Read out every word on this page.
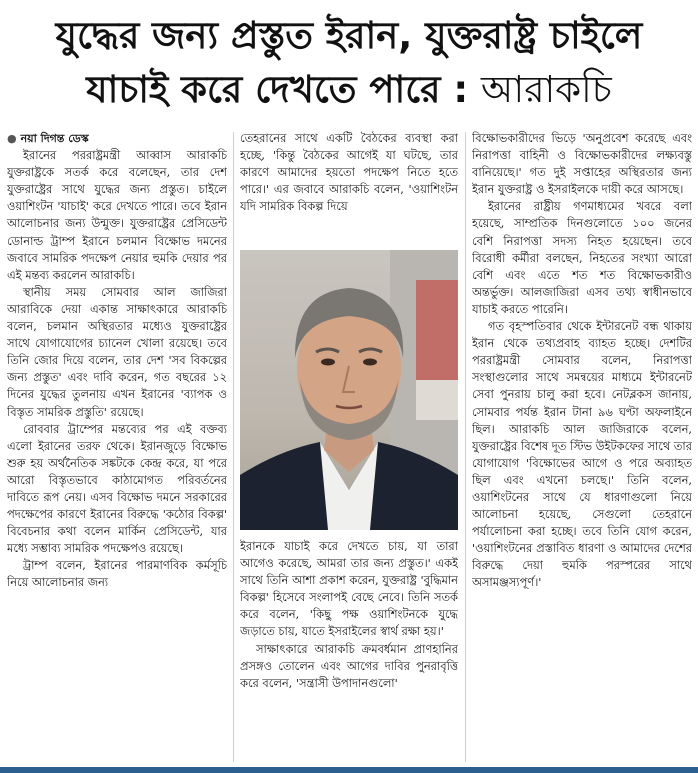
যুদ্ধের জন্য প্রস্তুত ইরান, যুক্তরাষ্ট্র চাইলে
যাচাই করে দেখতে পারে : আরাকচি

● নয়া দিগন্ত ডেস্ক

ইরানের পররাষ্ট্রমন্ত্রী আব্বাস আরাকচি যুক্তরাষ্ট্রকে সতর্ক করে বলেছেন, তার দেশ যুক্তরাষ্ট্রের সাথে যুদ্ধের জন্য প্রস্তুত। চাইলে ওয়াশিংটন 'যাচাই' করে দেখতে পারে। তবে ইরান আলোচনার জন্য উন্মুক্ত। যুক্তরাষ্ট্রের প্রেসিডেন্ট ডোনাল্ড ট্রাম্প ইরানে চলমান বিক্ষোভ দমনের জবাবে সামরিক পদক্ষেপ নেয়ার হুমকি দেয়ার পর এই মন্তব্য করলেন আরাকচি।

স্থানীয় সময় সোমবার আল জাজিরা আরাবিকে দেয়া একান্ত সাক্ষাৎকারে আরাকচি বলেন, চলমান অস্থিরতার মধ্যেও যুক্তরাষ্ট্রের সাথে যোগাযোগের চ্যানেল খোলা রয়েছে। তবে তিনি জোর দিয়ে বলেন, তার দেশ 'সব বিকল্পের জন্য প্রস্তুত' এবং দাবি করেন, গত বছরের ১২ দিনের যুদ্ধের তুলনায় এখন ইরানের 'ব্যাপক ও বিস্তৃত সামরিক প্রস্তুতি' রয়েছে।

রোববার ট্রাম্পের মন্তব্যের পর এই বক্তব্য এলো ইরানের তরফ থেকে। ইরানজুড়ে বিক্ষোভ শুরু হয় অর্থনৈতিক সঙ্কটকে কেন্দ্র করে, যা পরে আরো বিস্তৃতভাবে কাঠামোগত পরিবর্তনের দাবিতে রূপ নেয়। এসব বিক্ষোভ দমনে সরকারের পদক্ষেপের কারণে ইরানের বিরুদ্ধে 'কঠোর বিকল্প' বিবেচনার কথা বলেন মার্কিন প্রেসিডেন্ট, যার মধ্যে সম্ভাব্য সামরিক পদক্ষেপও রয়েছে।

ট্রাম্প বলেন, ইরানের পারমাণবিক কর্মসূচি নিয়ে আলোচনার জন্য

তেহরানের সাথে একটি বৈঠকের ব্যবস্থা করা হচ্ছে, 'কিন্তু বৈঠকের আগেই যা ঘটছে, তার কারণে আমাদের হয়তো পদক্ষেপ নিতে হতে পারে।' এর জবাবে আরাকচি বলেন, 'ওয়াশিংটন যদি সামরিক বিকল্প দিয়ে

ইরানকে যাচাই করে দেখতে চায়, যা তারা আগেও করেছে, আমরা তার জন্য প্রস্তুত।' একই সাথে তিনি আশা প্রকাশ করেন, যুক্তরাষ্ট্র 'বুদ্ধিমান বিকল্প' হিসেবে সংলাপই বেছে নেবে। তিনি সতর্ক করে বলেন, 'কিছু পক্ষ ওয়াশিংটনকে যুদ্ধে জড়াতে চায়, যাতে ইসরাইলের স্বার্থ রক্ষা হয়।'

সাক্ষাৎকারে আরাকচি ক্রমবর্ধমান প্রাণহানির প্রসঙ্গও তোলেন এবং আগের দাবির পুনরাবৃত্তি করে বলেন, 'সন্ত্রাসী উপাদানগুলো'

বিক্ষোভকারীদের ভিড়ে 'অনুপ্রবেশ করেছে এবং নিরাপত্তা বাহিনী ও বিক্ষোভকারীদের লক্ষ্যবস্তু বানিয়েছে।' গত দুই সপ্তাহের অস্থিরতার জন্য ইরান যুক্তরাষ্ট্র ও ইসরাইলকে দায়ী করে আসছে।

ইরানের রাষ্ট্রীয় গণমাধ্যমের খবরে বলা হয়েছে, সাম্প্রতিক দিনগুলোতে ১০০ জনের বেশি নিরাপত্তা সদস্য নিহত হয়েছেন। তবে বিরোধী কর্মীরা বলছেন, নিহতের সংখ্যা আরো বেশি এবং এতে শত শত বিক্ষোভকারীও অন্তর্ভুক্ত। আলজাজিরা এসব তথ্য স্বাধীনভাবে যাচাই করতে পারেনি।

গত বৃহস্পতিবার থেকে ইন্টারনেট বন্ধ থাকায় ইরান থেকে তথ্যপ্রবাহ ব্যাহত হচ্ছে। দেশটির পররাষ্ট্রমন্ত্রী সোমবার বলেন, নিরাপত্তা সংস্থাগুলোর সাথে সমন্বয়ের মাধ্যমে ইন্টারনেট সেবা পুনরায় চালু করা হবে। নেটব্লকস জানায়, সোমবার পর্যন্ত ইরান টানা ৯৬ ঘণ্টা অফলাইনে ছিল। আরাকচি আল জাজিরাকে বলেন, যুক্তরাষ্ট্রের বিশেষ দূত স্টিভ উইটকফের সাথে তার যোগাযোগ 'বিক্ষোভের আগে ও পরে অব্যাহত ছিল এবং এখনো চলছে।' তিনি বলেন, ওয়াশিংটনের সাথে যে ধারণাগুলো নিয়ে আলোচনা হয়েছে, সেগুলো তেহরানে পর্যালোচনা করা হচ্ছে। তবে তিনি যোগ করেন, 'ওয়াশিংটনের প্রস্তাবিত ধারণা ও আমাদের দেশের বিরুদ্ধে দেয়া হুমকি পরস্পরের সাথে অসামঞ্জস্যপূর্ণ।'
